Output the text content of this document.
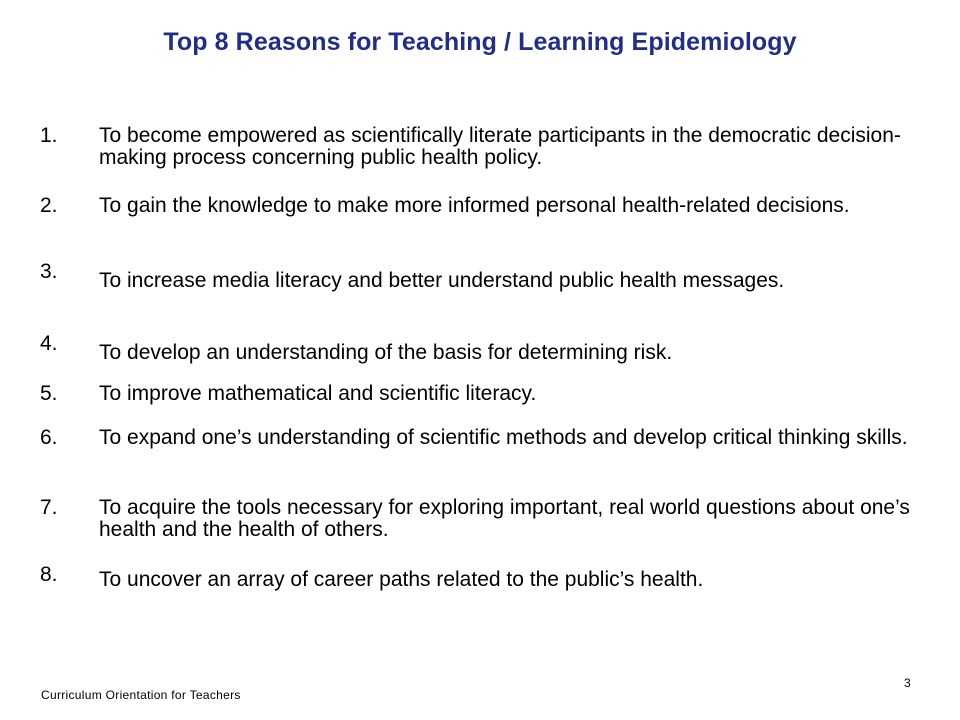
Top 8 Reasons for Teaching / Learning Epidemiology
1. To become empowered as scientifically literate participants in the democratic decision-making process concerning public health policy.
2. To gain the knowledge to make more informed personal health-related decisions.
3. To increase media literacy and better understand public health messages.
4. To develop an understanding of the basis for determining risk.
5. To improve mathematical and scientific literacy.
6. To expand one’s understanding of scientific methods and develop critical thinking skills.
7. To acquire the tools necessary for exploring important, real world questions about one’s health and the health of others.
8. To uncover an array of career paths related to the public’s health.
Curriculum Orientation for Teachers
3
